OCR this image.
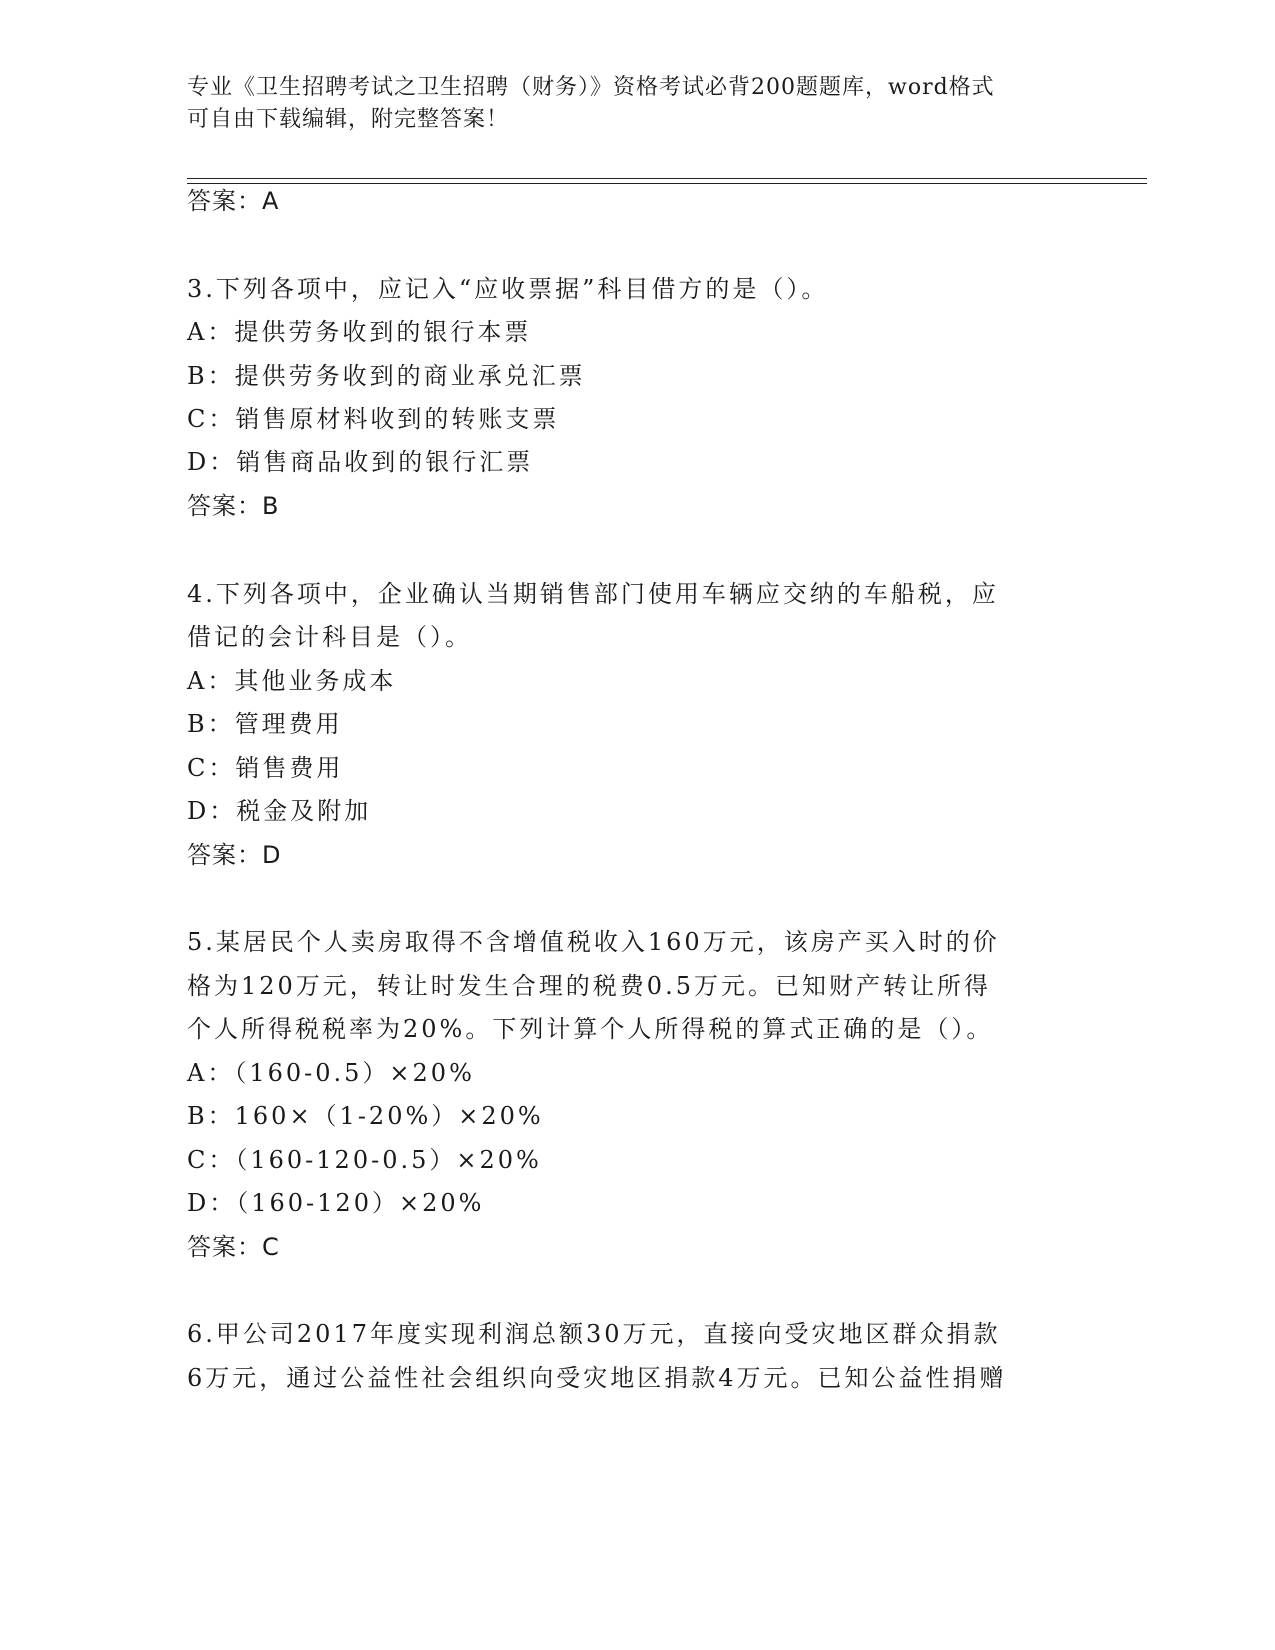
专业《卫生招聘考试之卫生招聘（财务）》资格考试必背200题题库，word格式
可自由下载编辑，附完整答案！
答案：A
3.下列各项中，应记入“应收票据”科目借方的是（）。
A：提供劳务收到的银行本票
B：提供劳务收到的商业承兑汇票
C：销售原材料收到的转账支票
D：销售商品收到的银行汇票
答案：B
4.下列各项中，企业确认当期销售部门使用车辆应交纳的车船税，应
借记的会计科目是（）。
A：其他业务成本
B：管理费用
C：销售费用
D：税金及附加
答案：D
5.某居民个人卖房取得不含增值税收入160万元，该房产买入时的价
格为120万元，转让时发生合理的税费0.5万元。已知财产转让所得
个人所得税税率为20%。下列计算个人所得税的算式正确的是（）。
A：（160-0.5）×20%
B：160×（1-20%）×20%
C：（160-120-0.5）×20%
D：（160-120）×20%
答案：C
6.甲公司2017年度实现利润总额30万元，直接向受灾地区群众捐款
6万元，通过公益性社会组织向受灾地区捐款4万元。已知公益性捐赠
